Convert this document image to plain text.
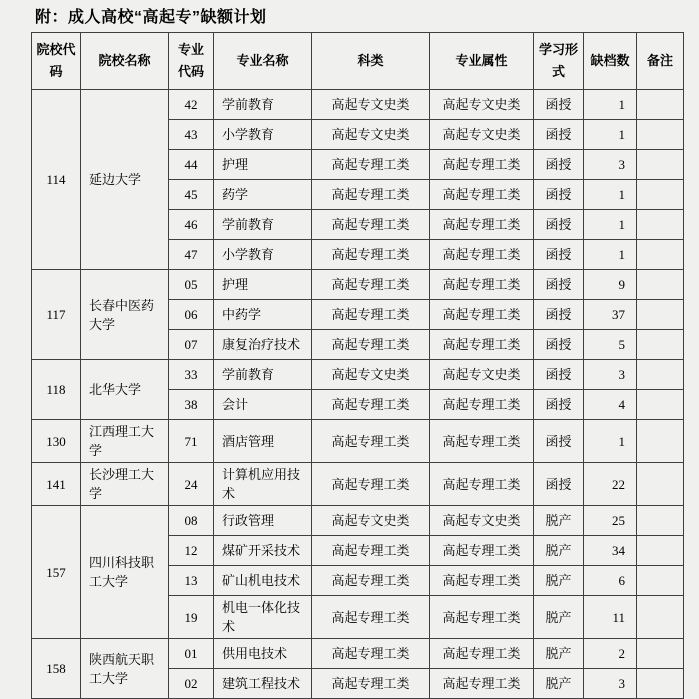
附：成人高校“高起专”缺额计划
院校代码	院校名称	专业代码	专业名称	科类	专业属性	学习形式	缺档数	备注
114	延边大学	42	学前教育	高起专文史类	高起专文史类	函授	1	
		43	小学教育	高起专文史类	高起专文史类	函授	1	
		44	护理	高起专理工类	高起专理工类	函授	3	
		45	药学	高起专理工类	高起专理工类	函授	1	
		46	学前教育	高起专理工类	高起专理工类	函授	1	
		47	小学教育	高起专理工类	高起专理工类	函授	1	
117	长春中医药大学	05	护理	高起专理工类	高起专理工类	函授	9	
		06	中药学	高起专理工类	高起专理工类	函授	37	
		07	康复治疗技术	高起专理工类	高起专理工类	函授	5	
118	北华大学	33	学前教育	高起专文史类	高起专文史类	函授	3	
		38	会计	高起专理工类	高起专理工类	函授	4	
130	江西理工大学	71	酒店管理	高起专理工类	高起专理工类	函授	1	
141	长沙理工大学	24	计算机应用技术	高起专理工类	高起专理工类	函授	22	
157	四川科技职工大学	08	行政管理	高起专文史类	高起专文史类	脱产	25	
		12	煤矿开采技术	高起专理工类	高起专理工类	脱产	34	
		13	矿山机电技术	高起专理工类	高起专理工类	脱产	6	
		19	机电一体化技术	高起专理工类	高起专理工类	脱产	11	
158	陕西航天职工大学	01	供用电技术	高起专理工类	高起专理工类	脱产	2	
		02	建筑工程技术	高起专理工类	高起专理工类	脱产	3	
